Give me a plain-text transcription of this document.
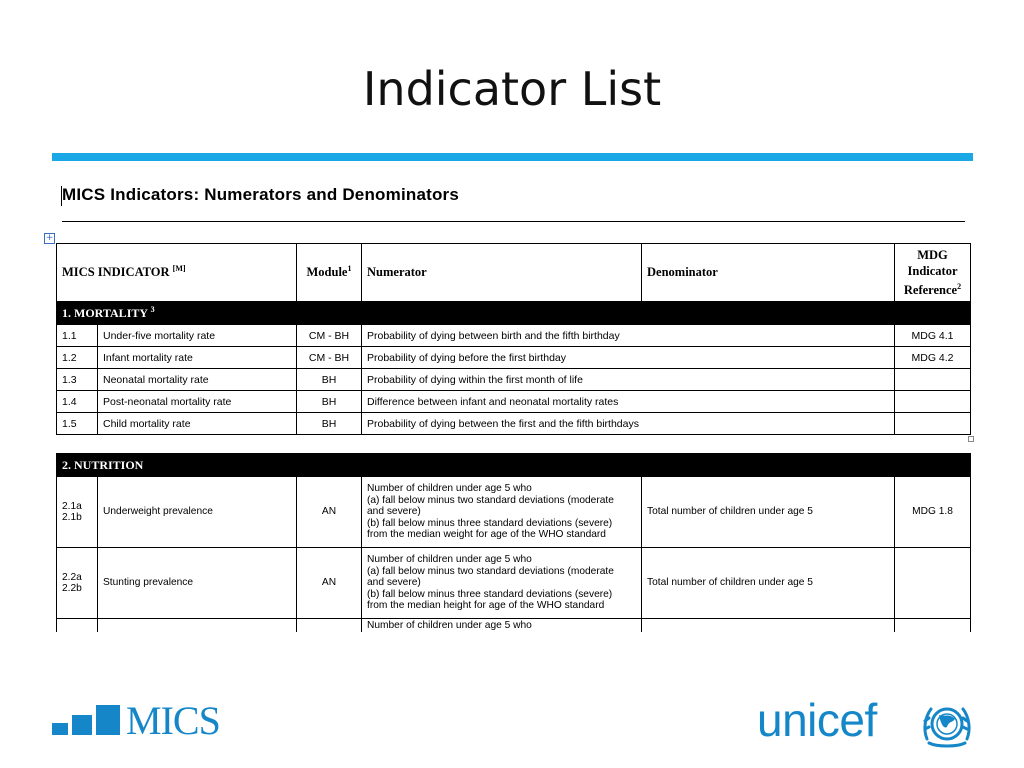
Indicator List
MICS Indicators: Numerators and Denominators
+
MICS INDICATOR [M]		Module$^1$	Numerator	Denominator	MDG
Indicator
Reference$^2$
1. MORTALITY $^3$
1.1	Under-five mortality rate	CM - BH	Probability of dying between birth and the fifth birthday		MDG 4.1
1.2	Infant mortality rate	CM - BH	Probability of dying before the first birthday		MDG 4.2
1.3	Neonatal mortality rate	BH	Probability of dying within the first month of life		
1.4	Post-neonatal mortality rate	BH	Difference between infant and neonatal mortality rates		
1.5	Child mortality rate	BH	Probability of dying between the first and the fifth birthdays		
2. NUTRITION					
2.1a
2.1b	Underweight prevalence	AN	Number of children under age 5 who
(a) fall below minus two standard deviations (moderate
and severe)
(b) fall below minus three standard deviations (severe)
from the median weight for age of the WHO standard	Total number of children under age 5	MDG 1.8
2.2a
2.2b	Stunting prevalence	AN	Number of children under age 5 who
(a) fall below minus two standard deviations (moderate
and severe)
(b) fall below minus three standard deviations (severe)
from the median height for age of the WHO standard	Total number of children under age 5	
			Number of children under age 5 who		
MICS	unicef
